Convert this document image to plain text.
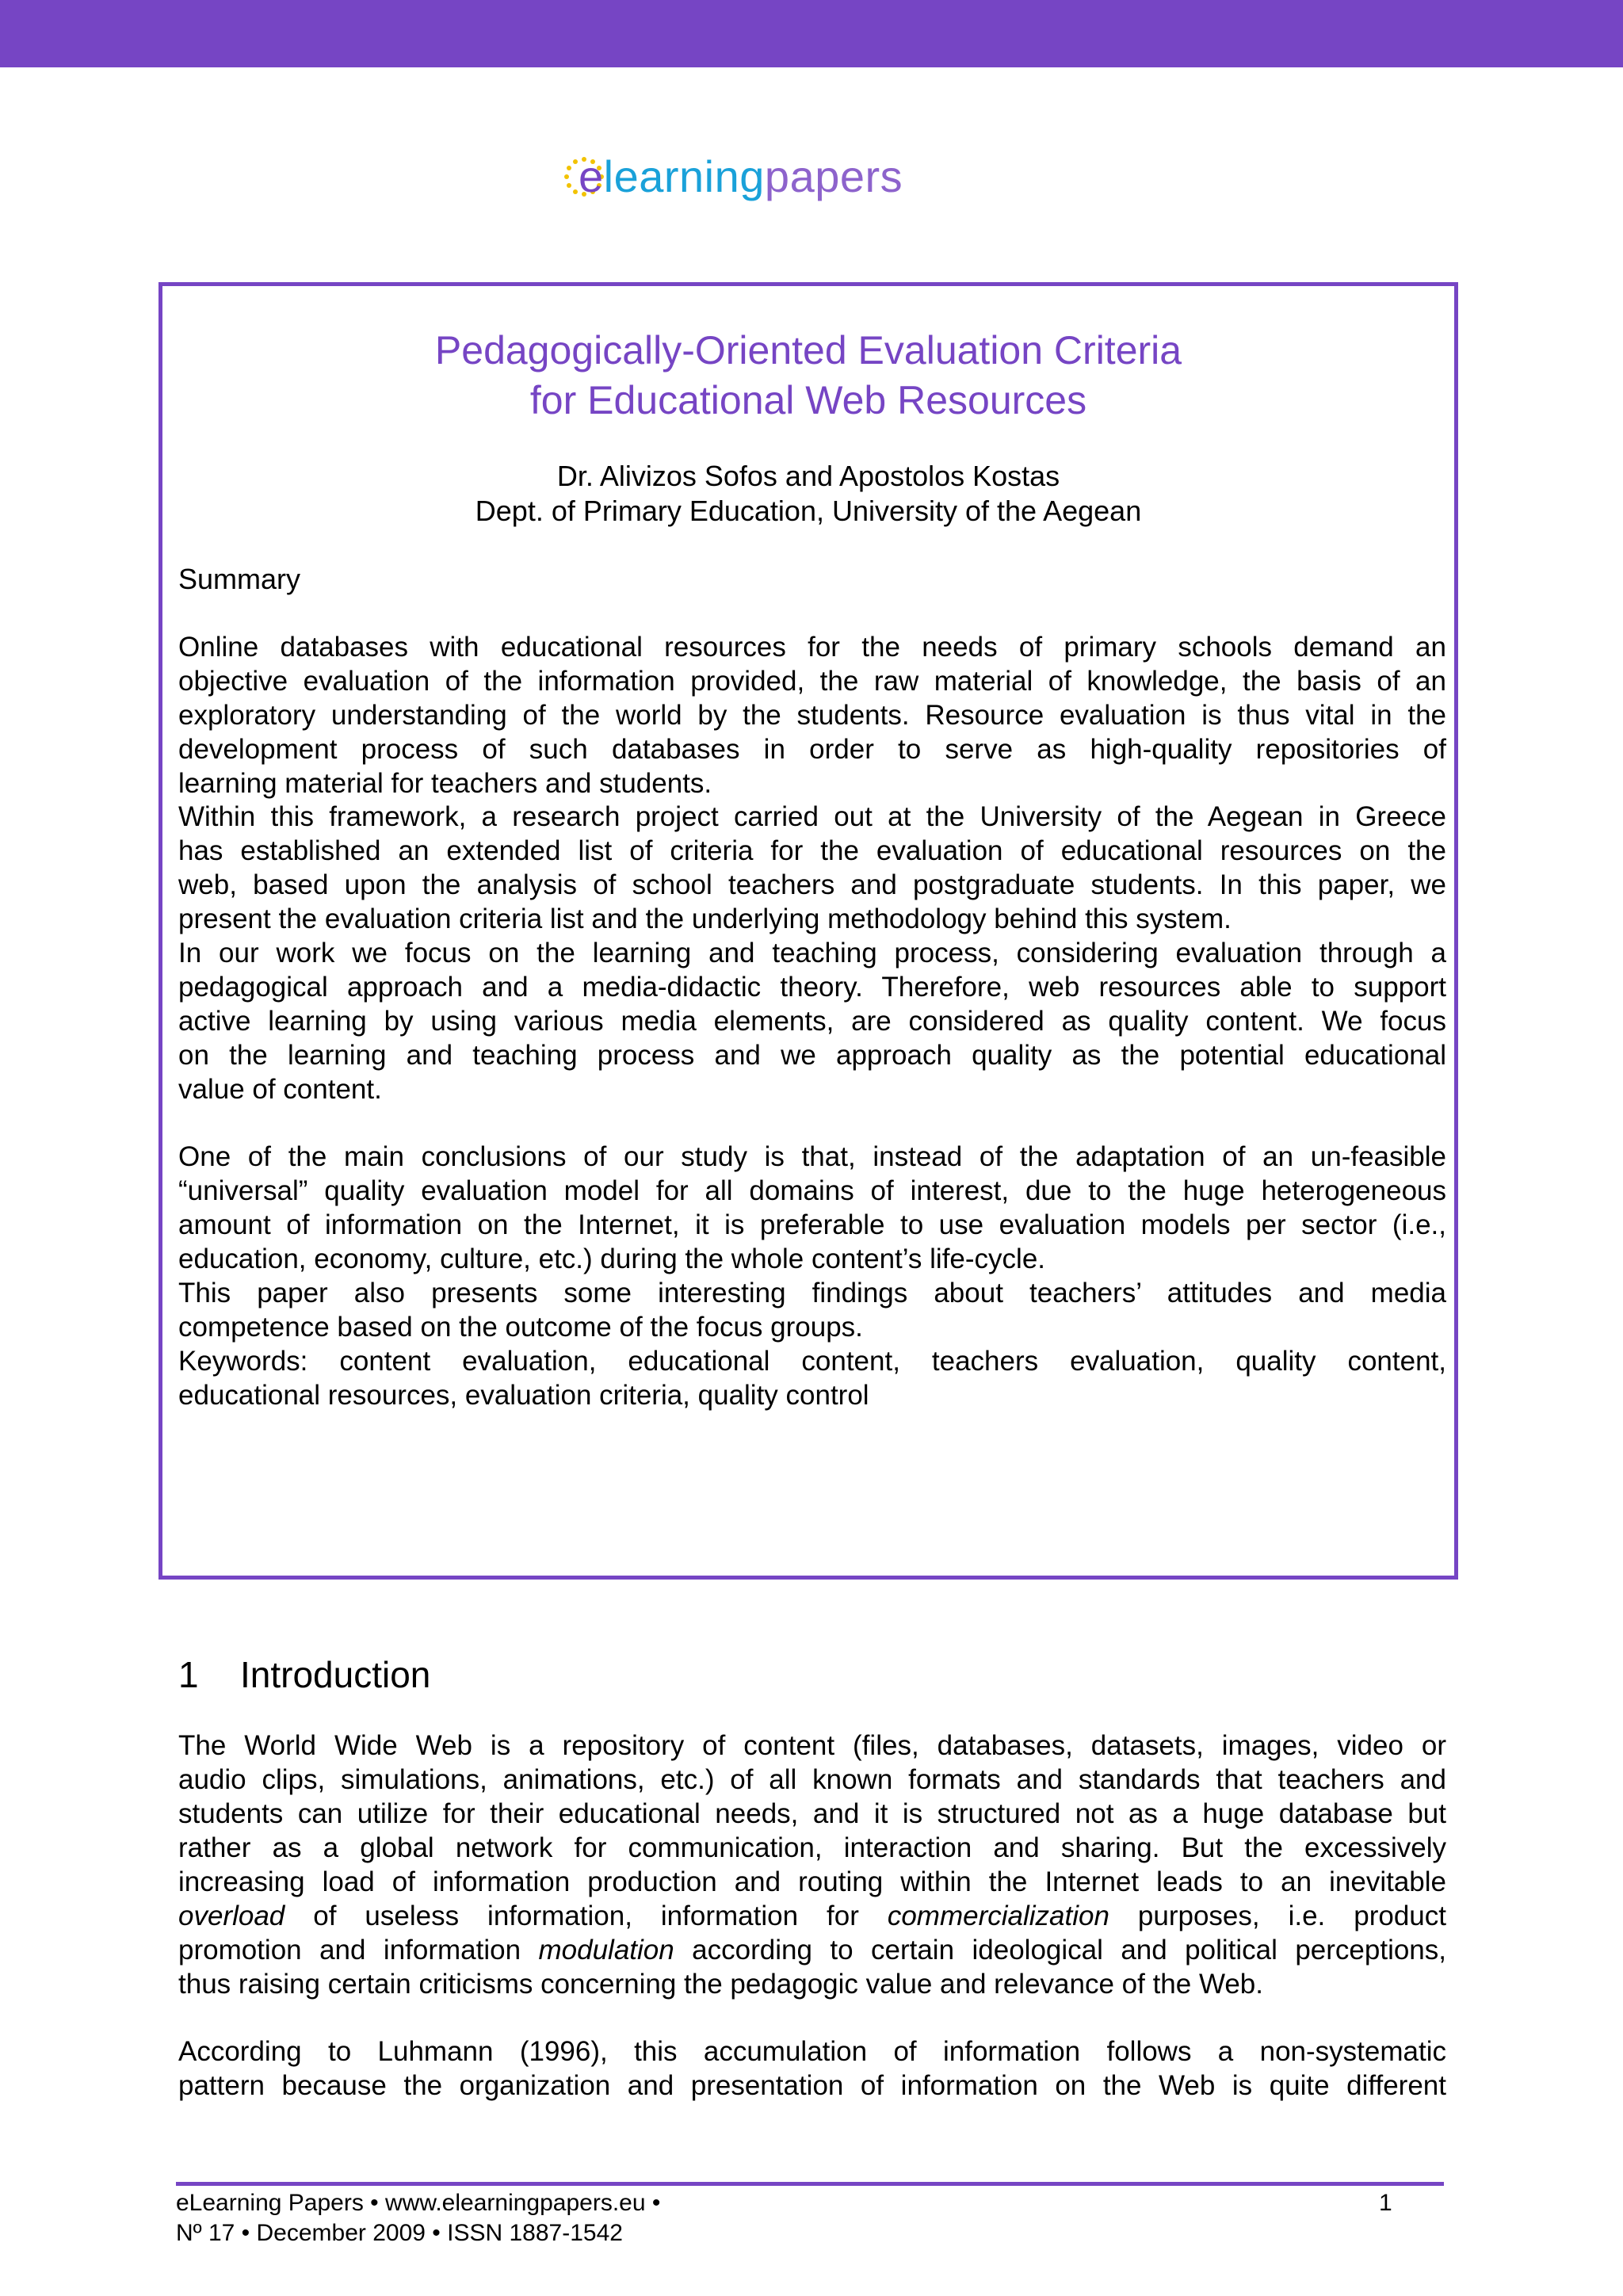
elearningpapers
Pedagogically-Oriented Evaluation Criteria
for Educational Web Resources
Dr. Alivizos Sofos and Apostolos Kostas
Dept. of Primary Education, University of the Aegean
Summary

Online databases with educational resources for the needs of primary schools demand an
objective evaluation of the information provided, the raw material of knowledge, the basis of an
exploratory understanding of the world by the students. Resource evaluation is thus vital in the
development process of such databases in order to serve as high-quality repositories of
learning material for teachers and students.

Within this framework, a research project carried out at the University of the Aegean in Greece
has established an extended list of criteria for the evaluation of educational resources on the
web, based upon the analysis of school teachers and postgraduate students. In this paper, we
present the evaluation criteria list and the underlying methodology behind this system.

In our work we focus on the learning and teaching process, considering evaluation through a
pedagogical approach and a media-didactic theory. Therefore, web resources able to support
active learning by using various media elements, are considered as quality content. We focus
on the learning and teaching process and we approach quality as the potential educational
value of content.

One of the main conclusions of our study is that, instead of the adaptation of an un-feasible
“universal” quality evaluation model for all domains of interest, due to the huge heterogeneous
amount of information on the Internet, it is preferable to use evaluation models per sector (i.e.,
education, economy, culture, etc.) during the whole content’s life-cycle.

This paper also presents some interesting findings about teachers’ attitudes and media
competence based on the outcome of the focus groups.

Keywords: content evaluation, educational content, teachers evaluation, quality content,
educational resources, evaluation criteria, quality control

1 Introduction

The World Wide Web is a repository of content (files, databases, datasets, images, video or
audio clips, simulations, animations, etc.) of all known formats and standards that teachers and
students can utilize for their educational needs, and it is structured not as a huge database but
rather as a global network for communication, interaction and sharing. But the excessively
increasing load of information production and routing within the Internet leads to an inevitable
overload of useless information, information for commercialization purposes, i.e. product
promotion and information modulation according to certain ideological and political perceptions,
thus raising certain criticisms concerning the pedagogic value and relevance of the Web.

According to Luhmann (1996), this accumulation of information follows a non-systematic
pattern because the organization and presentation of information on the Web is quite different

eLearning Papers • www.elearningpapers.eu •
Nº 17 • December 2009 • ISSN 1887-1542
1
